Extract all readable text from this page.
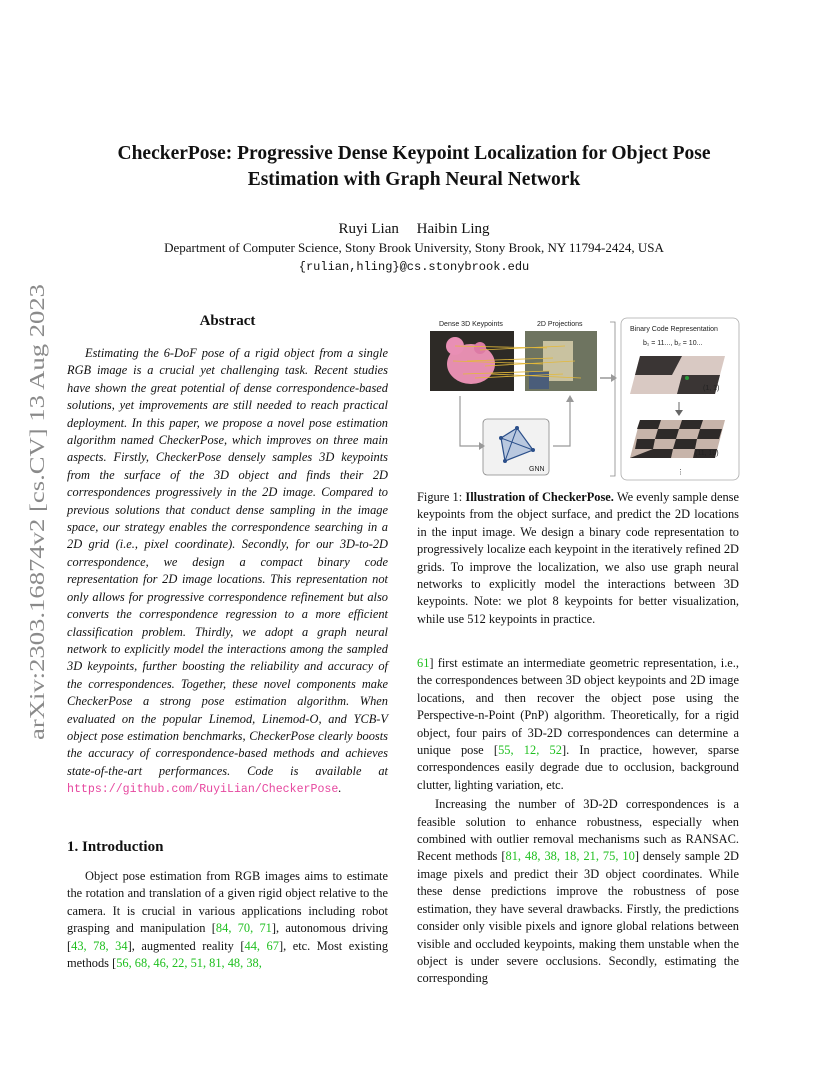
arXiv:2303.16874v2 [cs.CV] 13 Aug 2023
CheckerPose: Progressive Dense Keypoint Localization for Object Pose
Estimation with Graph Neural Network
Ruyi Lian Haibin Ling
Department of Computer Science, Stony Brook University, Stony Brook, NY 11794-2424, USA
{rulian,hling}@cs.stonybrook.edu
Abstract
Estimating the 6-DoF pose of a rigid object from a single RGB image is a crucial yet challenging task. Recent studies have shown the great potential of dense correspondence-based solutions, yet improvements are still needed to reach practical deployment. In this paper, we propose a novel pose estimation algorithm named CheckerPose, which improves on three main aspects. Firstly, CheckerPose densely samples 3D keypoints from the surface of the 3D object and finds their 2D correspondences progressively in the 2D image. Compared to previous solutions that conduct dense sampling in the image space, our strategy enables the correspondence searching in a 2D grid (i.e., pixel coordinate). Secondly, for our 3D-to-2D correspondence, we design a compact binary code representation for 2D image locations. This representation not only allows for progressive correspondence refinement but also converts the correspondence regression to a more efficient classification problem. Thirdly, we adopt a graph neural network to explicitly model the interactions among the sampled 3D keypoints, further boosting the reliability and accuracy of the correspondences. Together, these novel components make CheckerPose a strong pose estimation algorithm. When evaluated on the popular Linemod, Linemod-O, and YCB-V object pose estimation benchmarks, CheckerPose clearly boosts the accuracy of correspondence-based methods and achieves state-of-the-art performances. Code is available at https://github.com/RuyiLian/CheckerPose.
1. Introduction
Object pose estimation from RGB images aims to estimate the rotation and translation of a given rigid object relative to the camera. It is crucial in various applications including robot grasping and manipulation [84, 70, 71], autonomous driving [43, 78, 34], augmented reality [44, 67], etc. Most existing methods [56, 68, 46, 22, 51, 81, 48, 38,
Dense 3D Keypoints	2D Projections
Binary Code Representation
b₁ = 11..., b₂ = 10...
(1, 1)
(11, 10)
⋮
GNN
Figure 1: Illustration of CheckerPose. We evenly sample dense keypoints from the object surface, and predict the 2D locations in the input image. We design a binary code representation to progressively localize each keypoint in the iteratively refined 2D grids. To improve the localization, we also use graph neural networks to explicitly model the interactions between 3D keypoints. Note: we plot 8 keypoints for better visualization, while use 512 keypoints in practice.

61] first estimate an intermediate geometric representation, i.e., the correspondences between 3D object keypoints and 2D image locations, and then recover the object pose using the Perspective-n-Point (PnP) algorithm. Theoretically, for a rigid object, four pairs of 3D-2D correspondences can determine a unique pose [55, 12, 52]. In practice, however, sparse correspondences easily degrade due to occlusion, background clutter, lighting variation, etc.

Increasing the number of 3D-2D correspondences is a feasible solution to enhance robustness, especially when combined with outlier removal mechanisms such as RANSAC. Recent methods [81, 48, 38, 18, 21, 75, 10] densely sample 2D image pixels and predict their 3D object coordinates. While these dense predictions improve the robustness of pose estimation, they have several drawbacks. Firstly, the predictions consider only visible pixels and ignore global relations between visible and occluded keypoints, making them unstable when the object is under severe occlusions. Secondly, estimating the corresponding
